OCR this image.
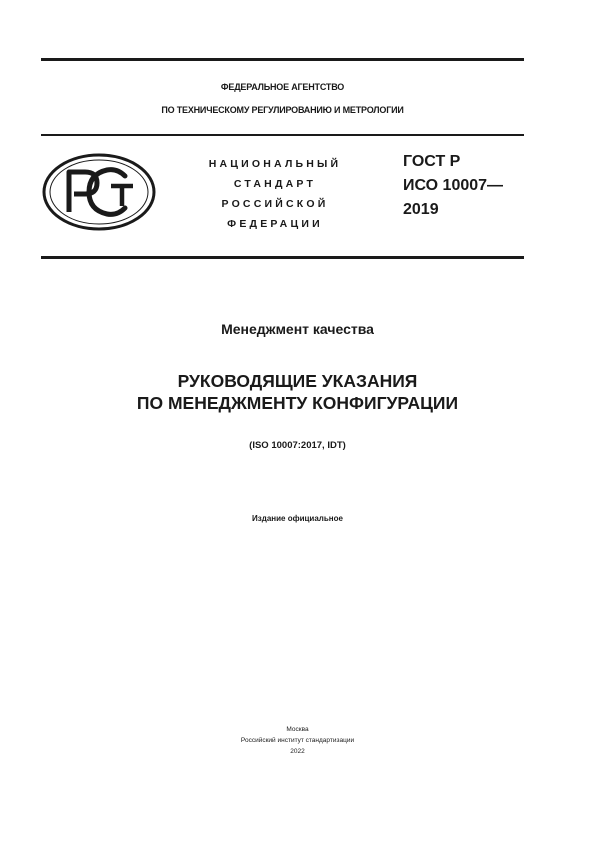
ФЕДЕРАЛЬНОЕ АГЕНТСТВО
ПО ТЕХНИЧЕСКОМУ РЕГУЛИРОВАНИЮ И МЕТРОЛОГИИ
НАЦИОНАЛЬНЫЙ
СТАНДАРТ
РОССИЙСКОЙ
ФЕДЕРАЦИИ
ГОСТ Р
ИСО 10007—
2019
Менеджмент качества
РУКОВОДЯЩИЕ УКАЗАНИЯ
ПО МЕНЕДЖМЕНТУ КОНФИГУРАЦИИ
(ISO 10007:2017, IDT)
Издание официальное
Москва
Российский институт стандартизации
2022
